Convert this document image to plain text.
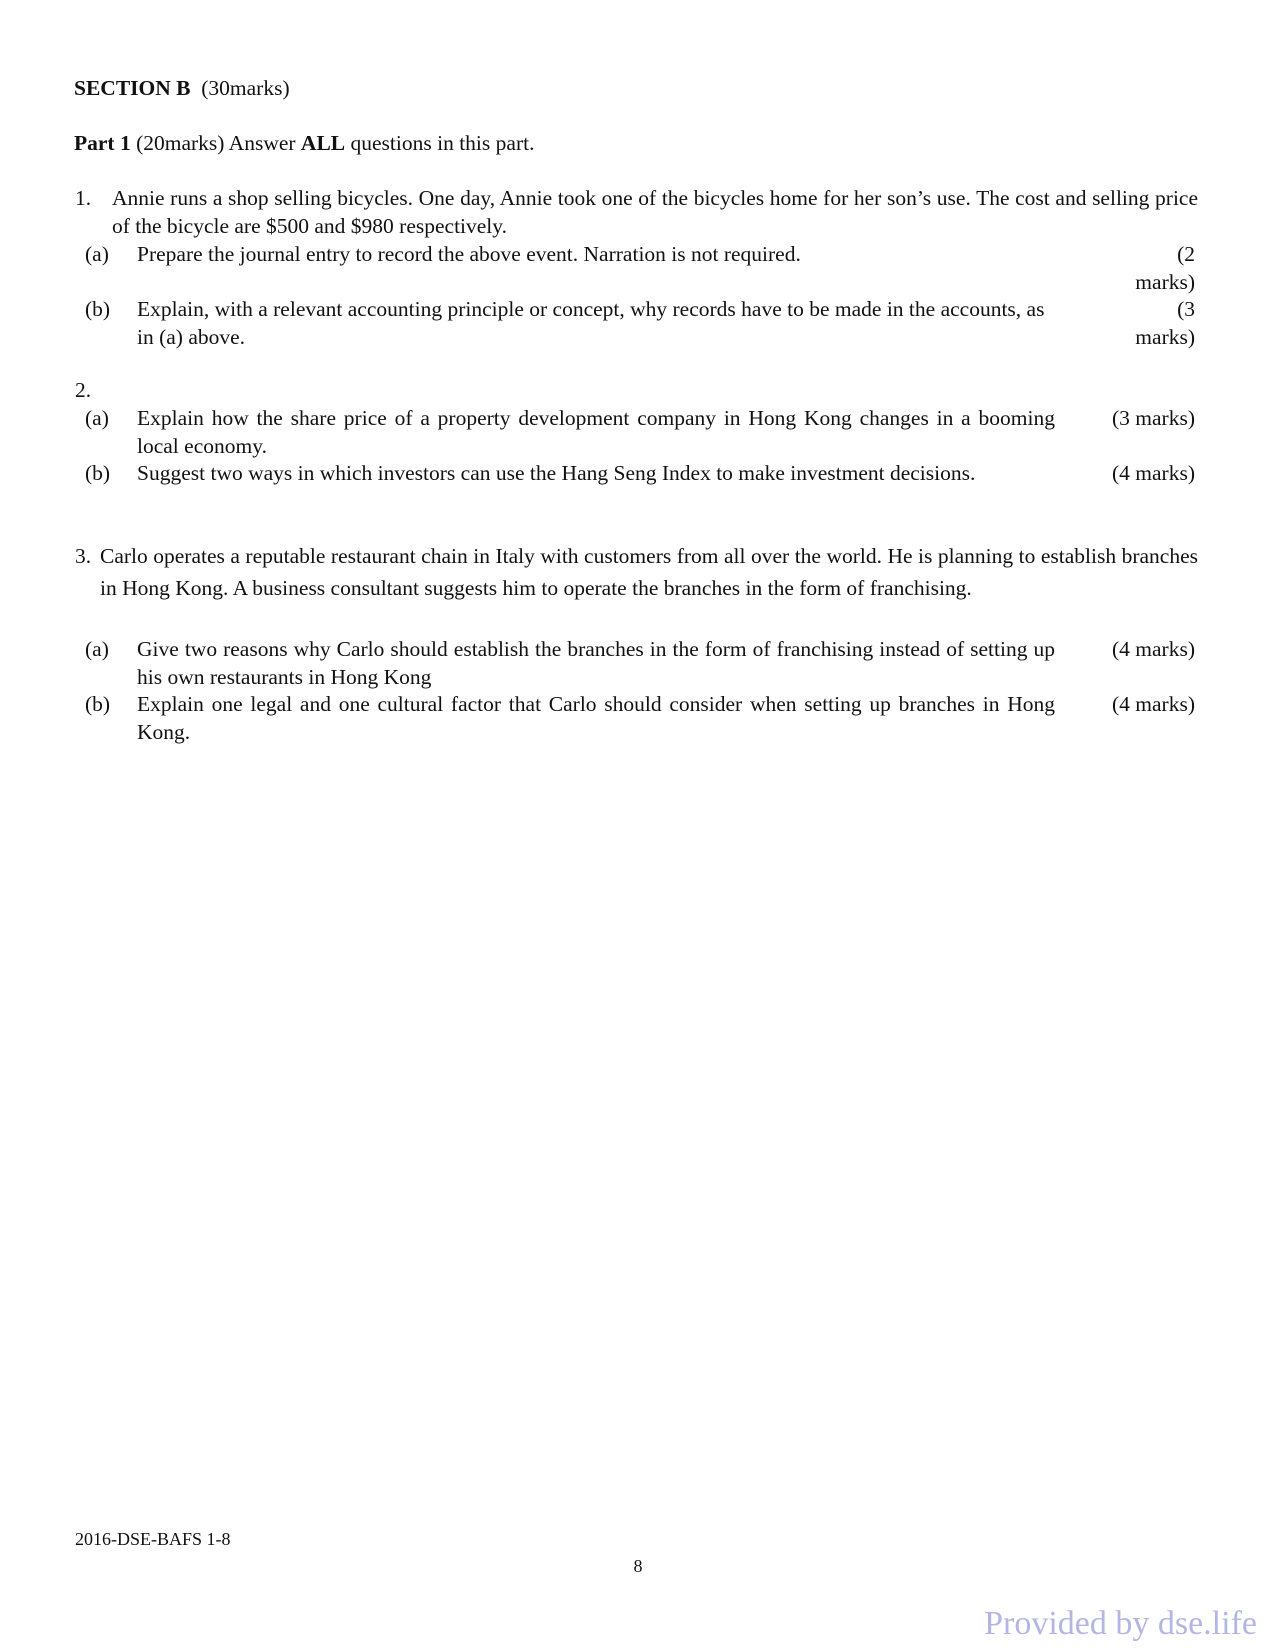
SECTION B (30marks)
Part 1 (20marks) Answer ALL questions in this part.
1. Annie runs a shop selling bicycles. One day, Annie took one of the bicycles home for her son’s use. The cost and selling price of the bicycle are $500 and $980 respectively.
(a)	Prepare the journal entry to record the above event. Narration is not required.	(2 marks)
(b)	Explain, with a relevant accounting principle or concept, why records have to be made in the accounts, as in (a) above.
(3 marks)
2.
(a)	Explain how the share price of a property development company in Hong Kong changes in a booming local economy.
(3 marks)
(b)	Suggest two ways in which investors can use the Hang Seng Index to make investment decisions.	(4 marks)
3. Carlo operates a reputable restaurant chain in Italy with customers from all over the world. He is planning to establish branches in Hong Kong. A business consultant suggests him to operate the branches in the form of franchising.
(a)	Give two reasons why Carlo should establish the branches in the form of franchising instead of setting up his own restaurants in Hong Kong
(4 marks)
(b)	Explain one legal and one cultural factor that Carlo should consider when setting up branches in Hong Kong.
(4 marks)
2016-DSE-BAFS 1-8
8
Provided by dse.life
